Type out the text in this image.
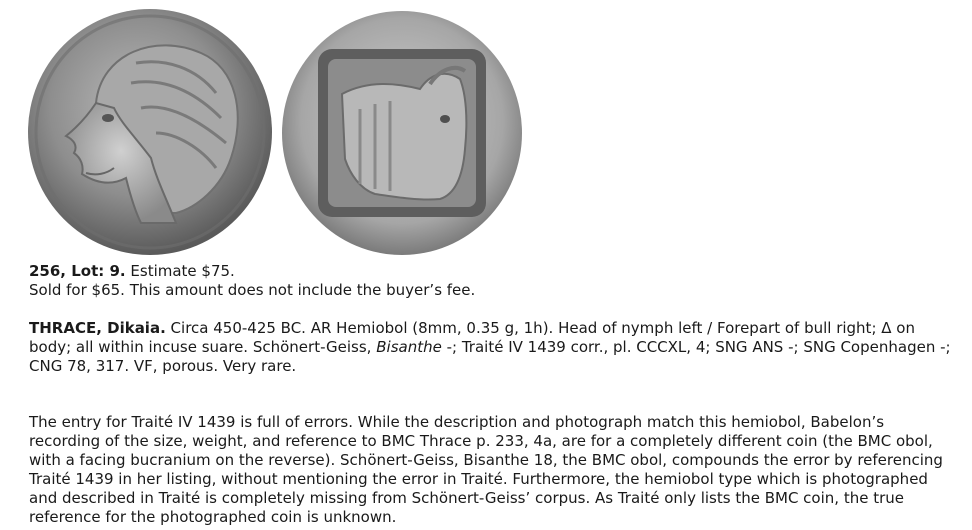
256, Lot: 9. Estimate $75.

Sold for $65. This amount does not include the buyer’s fee.

THRACE, Dikaia. Circa 450-425 BC. AR Hemiobol (8mm, 0.35 g, 1h). Head of nymph left / Forepart of bull right; Δ on body; all within incuse suare. Schönert-Geiss, Bisanthe -; Traité IV 1439 corr., pl. CCCXL, 4; SNG ANS -; SNG Copenhagen -; CNG 78, 317. VF, porous. Very rare.

The entry for Traité IV 1439 is full of errors. While the description and photograph match this hemiobol, Babelon’s recording of the size, weight, and reference to BMC Thrace p. 233, 4a, are for a completely different coin (the BMC obol, with a facing bucranium on the reverse). Schönert-Geiss, Bisanthe 18, the BMC obol, compounds the error by referencing Traité 1439 in her listing, without mentioning the error in Traité. Furthermore, the hemiobol type which is photographed and described in Traité is completely missing from Schönert-Geiss’ corpus. As Traité only lists the BMC coin, the true reference for the photographed coin is unknown.
